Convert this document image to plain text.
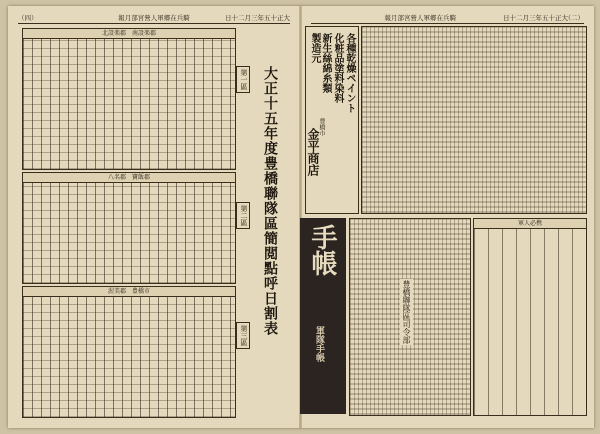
（四）	報月部宮營人軍郷在兵騎	日十二月三年五十正大
北設楽郡　南設楽郡
第一區
八名郡　寶飯郡
第二區
渥美郡　豊橋市
第三區 大正十五年度豊橋聯隊區簡閲點呼日割表
報月部宮營人軍郷在兵騎	日十二月三年五十正大
（二）
各種乾燥ペイント
化粧品塗料染料
新生絲綿糸類
製造元
豊橋市
金平商店
豊橋聯隊區司令部
軍人必携
手帳
軍隊手帳
